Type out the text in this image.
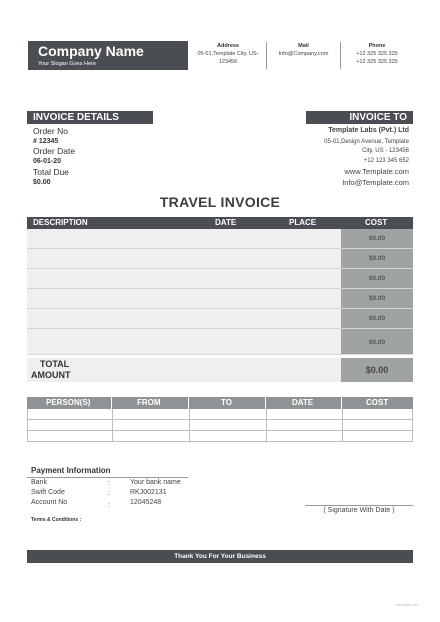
Company Name
Your Slogan Goes Here
Address
05-01,Template City, US-
123456
Mail
Info@Company.com
Phone
+12 325 325 325
+12 325 325 325
INVOICE DETAILS
Order No
# 12345
Order Date
06-01-20
Total Due
$0.00
INVOICE TO
Template Labs (Pvt.) Ltd
05-01,Design Avenue, Template
City, US - 123456
+12 123 345 652
www.Template.com
Info@Template.com
TRAVEL INVOICE
DESCRIPTION	DATE	PLACE	COST
$0.00
$0.00
$0.00
$0.00
$0.00
$0.00
TOTAL
AMOUNT	$0.00
PERSON(S)	FROM	TO	DATE	COST
Payment Information
Bank	:	Your bank name
Swift Code	:	RKJ002131
Account No	:	12045248
Terms & Conditions :
( Signature With Date )
Thank You For Your Business
template.net
